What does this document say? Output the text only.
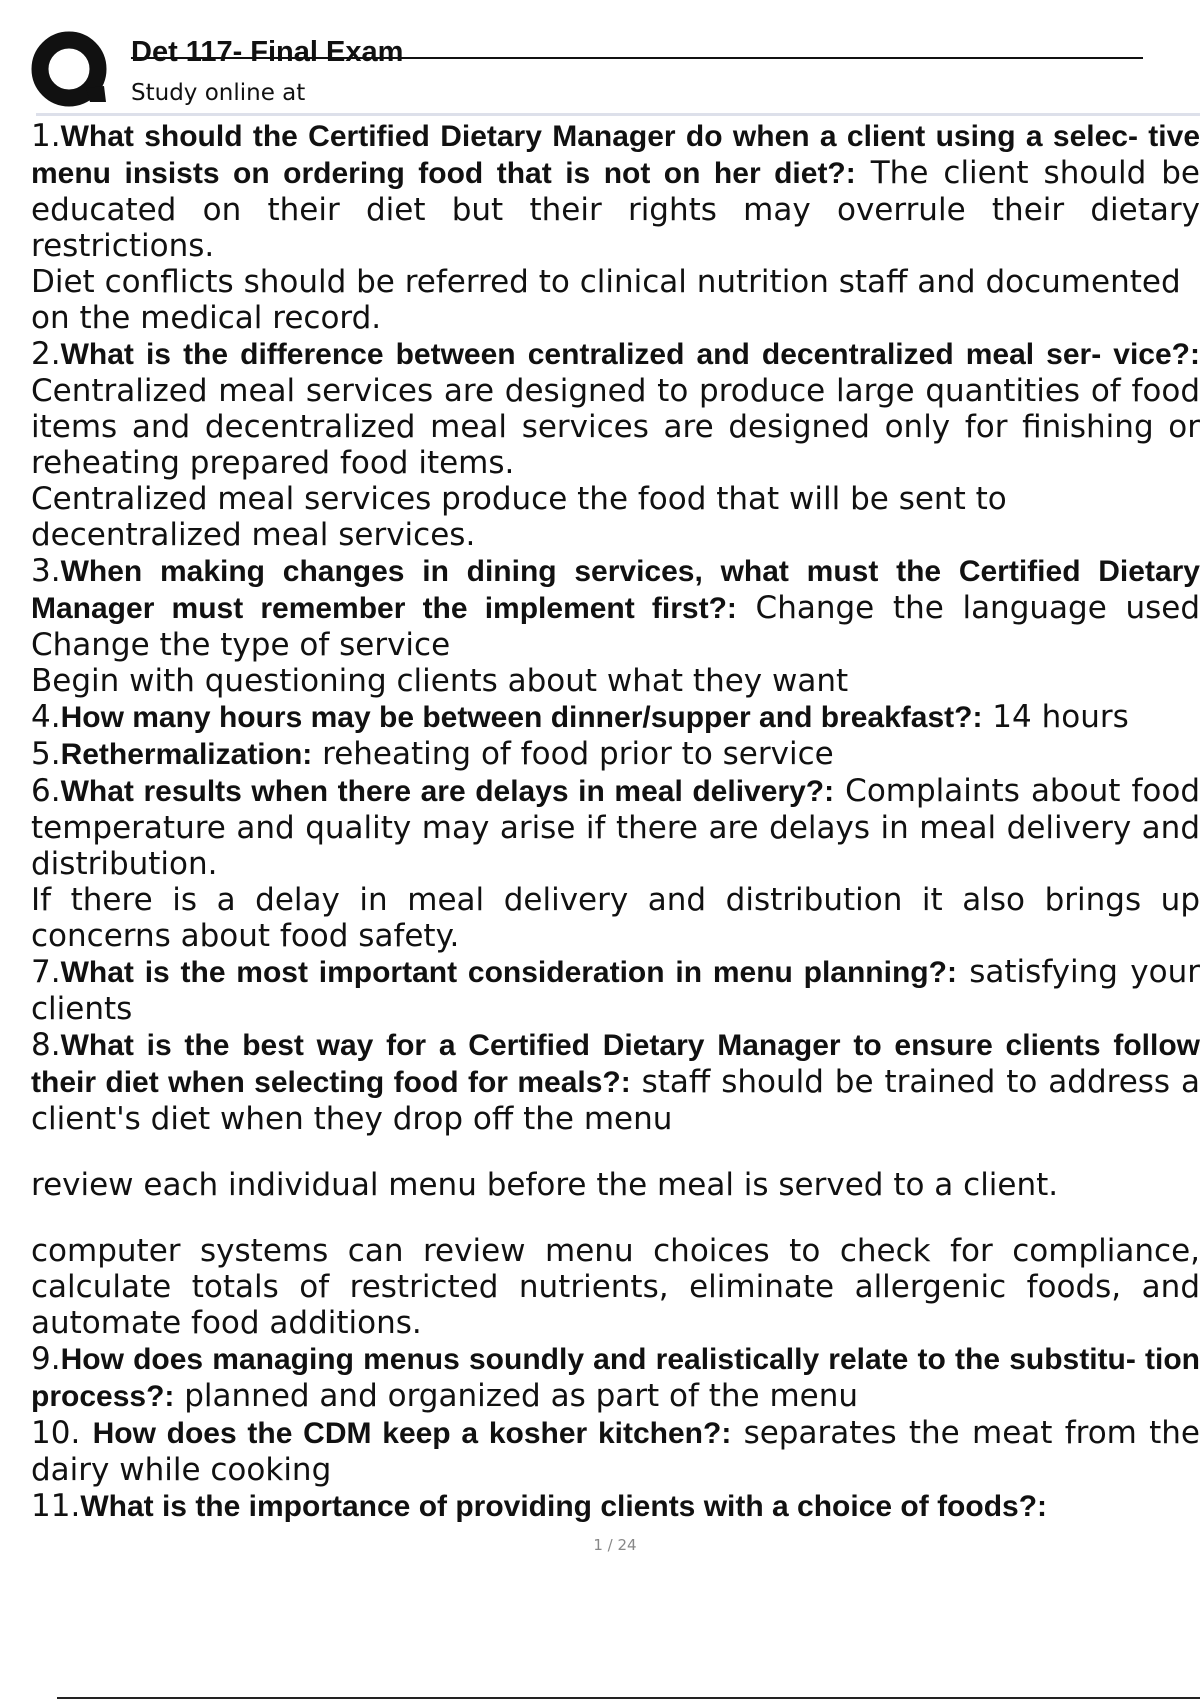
Det 117- Final Exam
Study online at

1.What should the Certified Dietary Manager do when a client using a selec- tive menu insists on ordering food that is not on her diet?: The client should be educated on their diet but their rights may overrule their dietary restrictions.

Diet conflicts should be referred to clinical nutrition staff and documented on the medical record.

2.What is the difference between centralized and decentralized meal ser- vice?: Centralized meal services are designed to produce large quantities of food items and decentralized meal services are designed only for finishing or reheating prepared food items.

Centralized meal services produce the food that will be sent to decentralized meal services.

3.When making changes in dining services, what must the Certified Dietary Manager must remember the implement first?: Change the language used Change the type of service

Begin with questioning clients about what they want

4.How many hours may be between dinner/supper and breakfast?: 14 hours

5.Rethermalization: reheating of food prior to service

6.What results when there are delays in meal delivery?: Complaints about food temperature and quality may arise if there are delays in meal delivery and distribution.

If there is a delay in meal delivery and distribution it also brings up concerns about food safety.

7.What is the most important consideration in menu planning?: satisfying your clients

8.What is the best way for a Certified Dietary Manager to ensure clients follow their diet when selecting food for meals?: staff should be trained to address a client's diet when they drop off the menu

review each individual menu before the meal is served to a client.

computer systems can review menu choices to check for compliance, calculate totals of restricted nutrients, eliminate allergenic foods, and automate food additions.

9.How does managing menus soundly and realistically relate to the substitu- tion process?: planned and organized as part of the menu

10. How does the CDM keep a kosher kitchen?: separates the meat from the dairy while cooking

11.What is the importance of providing clients with a choice of foods?:

1 / 24
